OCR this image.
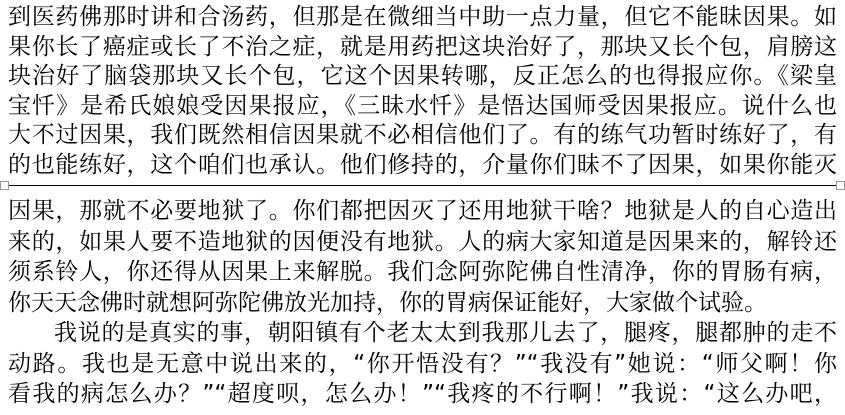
到医药佛那时讲和合汤药，但那是在微细当中助一点力量，但它不能昧因果。如
果你长了癌症或长了不治之症，就是用药把这块治好了，那块又长个包，肩膀这
块治好了脑袋那块又长个包，它这个因果转哪，反正怎么的也得报应你。《梁皇
宝忏》是希氏娘娘受因果报应，《三昧水忏》是悟达国师受因果报应。说什么也
大不过因果，我们既然相信因果就不必相信他们了。有的练气功暂时练好了，有
的也能练好，这个咱们也承认。他们修持的，介量你们昧不了因果，如果你能灭
因果，那就不必要地狱了。你们都把因灭了还用地狱干啥？地狱是人的自心造出
来的，如果人要不造地狱的因便没有地狱。人的病大家知道是因果来的，解铃还
须系铃人，你还得从因果上来解脱。我们念阿弥陀佛自性清净，你的胃肠有病，
你天天念佛时就想阿弥陀佛放光加持，你的胃病保证能好，大家做个试验。
我说的是真实的事，朝阳镇有个老太太到我那儿去了，腿疼，腿都肿的走不
动路。我也是无意中说出来的，“你开悟没有？”“我没有”她说：“师父啊！你
看我的病怎么办？”“超度呗，怎么办！”“我疼的不行啊！”我说：“这么办吧，
